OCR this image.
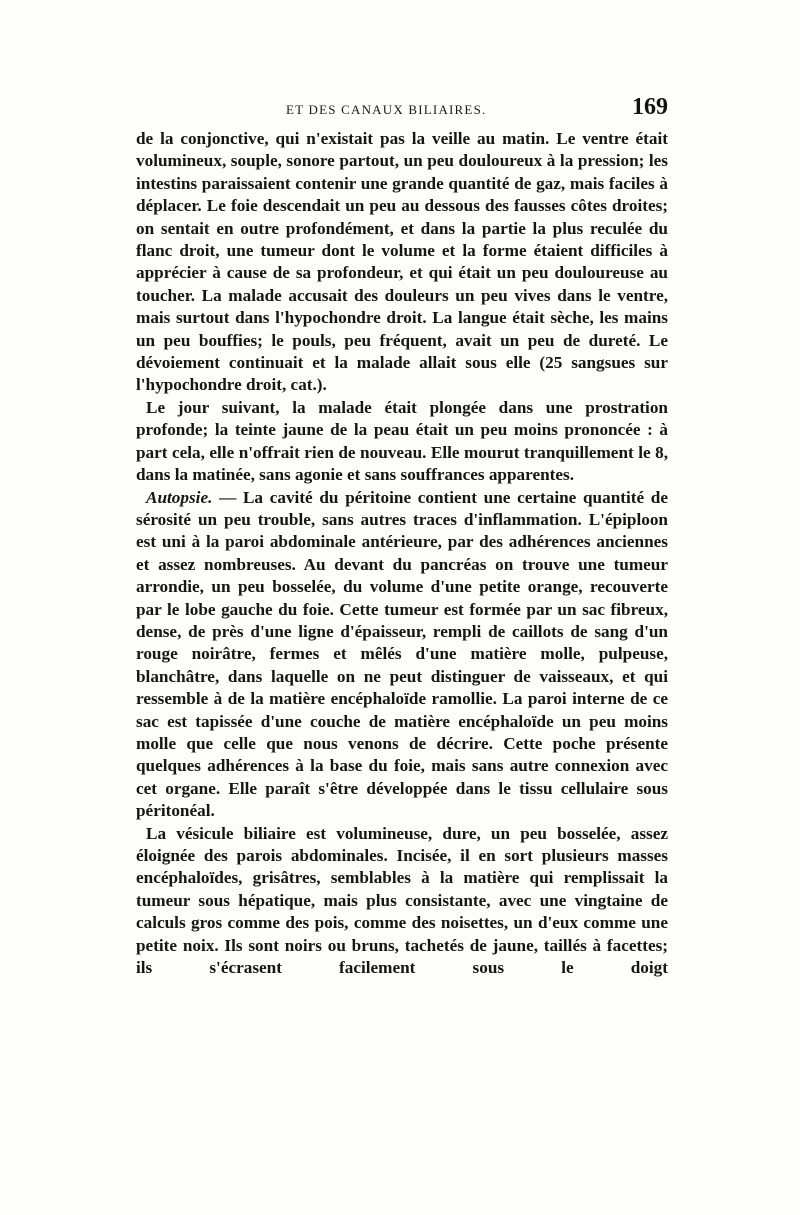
ET DES CANAUX BILIAIRES.	169

de la conjonctive, qui n'existait pas la veille au matin. Le ventre était volumineux, souple, sonore partout, un peu douloureux à la pression; les intestins paraissaient contenir une grande quantité de gaz, mais faciles à déplacer. Le foie descendait un peu au dessous des fausses côtes droites; on sentait en outre profondément, et dans la partie la plus reculée du flanc droit, une tumeur dont le volume et la forme étaient difficiles à apprécier à cause de sa profondeur, et qui était un peu douloureuse au toucher. La malade accusait des douleurs un peu vives dans le ventre, mais surtout dans l'hypochondre droit. La langue était sèche, les mains un peu bouffies; le pouls, peu fréquent, avait un peu de dureté. Le dévoiement continuait et la malade allait sous elle (25 sangsues sur l'hypochondre droit, cat.).

Le jour suivant, la malade était plongée dans une prostration profonde; la teinte jaune de la peau était un peu moins prononcée : à part cela, elle n'offrait rien de nouveau. Elle mourut tranquillement le 8, dans la matinée, sans agonie et sans souffrances apparentes.

Autopsie. — La cavité du péritoine contient une certaine quantité de sérosité un peu trouble, sans autres traces d'inflammation. L'épiploon est uni à la paroi abdominale antérieure, par des adhérences anciennes et assez nombreuses. Au devant du pancréas on trouve une tumeur arrondie, un peu bosselée, du volume d'une petite orange, recouverte par le lobe gauche du foie. Cette tumeur est formée par un sac fibreux, dense, de près d'une ligne d'épaisseur, rempli de caillots de sang d'un rouge noirâtre, fermes et mêlés d'une matière molle, pulpeuse, blanchâtre, dans laquelle on ne peut distinguer de vaisseaux, et qui ressemble à de la matière encéphaloïde ramollie. La paroi interne de ce sac est tapissée d'une couche de matière encéphaloïde un peu moins molle que celle que nous venons de décrire. Cette poche présente quelques adhérences à la base du foie, mais sans autre connexion avec cet organe. Elle paraît s'être développée dans le tissu cellulaire sous péritonéal.

La vésicule biliaire est volumineuse, dure, un peu bosselée, assez éloignée des parois abdominales. Incisée, il en sort plusieurs masses encéphaloïdes, grisâtres, semblables à la matière qui remplissait la tumeur sous hépatique, mais plus consistante, avec une vingtaine de calculs gros comme des pois, comme des noisettes, un d'eux comme une petite noix. Ils sont noirs ou bruns, tachetés de jaune, taillés à facettes; ils s'écrasent facilement sous le doigt
